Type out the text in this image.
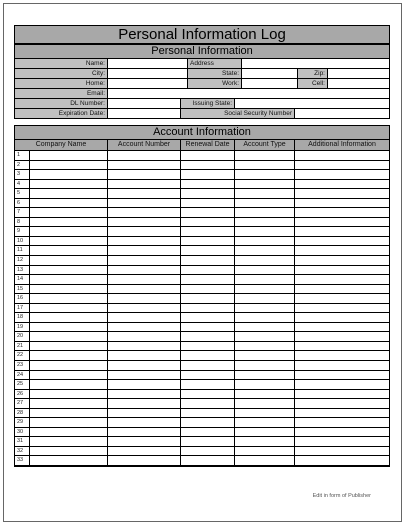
Personal Information Log
Personal Information
Name:	Address
City:	State:	Zip:
Home:	Work:	Cell:
Email:
DL Number:	Issuing State:
Expiration Date:	Social Security Number
Account Information
Company Name	Account Number	Renewal Date	Account Type	Additional Information
1
2
3
4
5
6
7
8
9
10
11
12
13
14
15
16
17
18
19
20
21
22
23
24
25
26
27
28
29
30
31
32
33
Edit in form of Publisher
